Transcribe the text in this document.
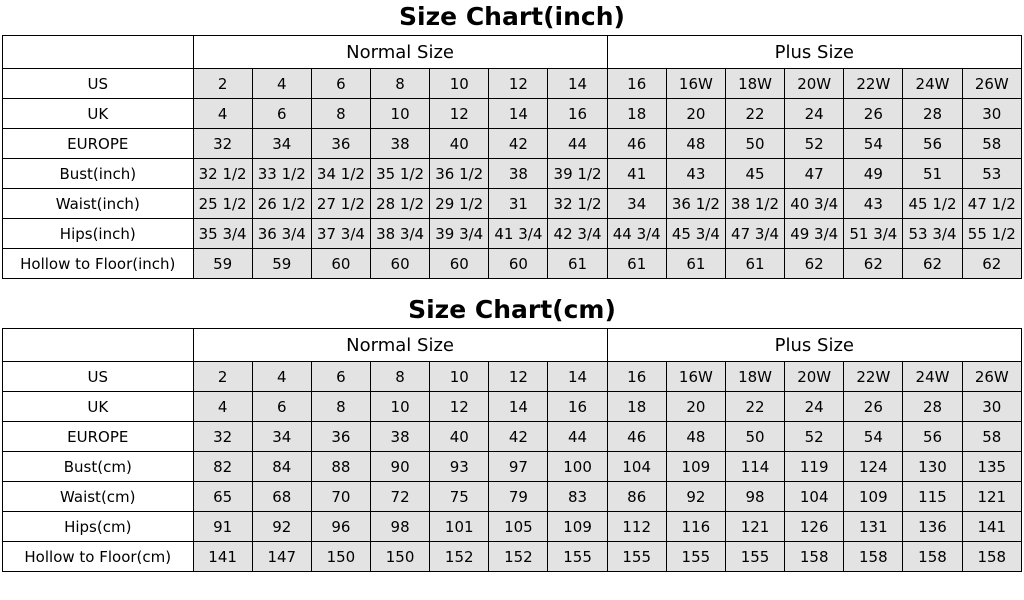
Size Chart(inch)
	Normal Size							Plus Size						
US	2	4	6	8	10	12	14	16	16W	18W	20W	22W	24W	26W
UK	4	6	8	10	12	14	16	18	20	22	24	26	28	30
EUROPE	32	34	36	38	40	42	44	46	48	50	52	54	56	58
Bust(inch)	32 1/2	33 1/2	34 1/2	35 1/2	36 1/2	38	39 1/2	41	43	45	47	49	51	53
Waist(inch)	25 1/2	26 1/2	27 1/2	28 1/2	29 1/2	31	32 1/2	34	36 1/2	38 1/2	40 3/4	43	45 1/2	47 1/2
Hips(inch)	35 3/4	36 3/4	37 3/4	38 3/4	39 3/4	41 3/4	42 3/4	44 3/4	45 3/4	47 3/4	49 3/4	51 3/4	53 3/4	55 1/2
Hollow to Floor(inch)	59	59	60	60	60	60	61	61	61	61	62	62	62	62
Size Chart(cm)
	Normal Size							Plus Size						
US	2	4	6	8	10	12	14	16	16W	18W	20W	22W	24W	26W
UK	4	6	8	10	12	14	16	18	20	22	24	26	28	30
EUROPE	32	34	36	38	40	42	44	46	48	50	52	54	56	58
Bust(cm)	82	84	88	90	93	97	100	104	109	114	119	124	130	135
Waist(cm)	65	68	70	72	75	79	83	86	92	98	104	109	115	121
Hips(cm)	91	92	96	98	101	105	109	112	116	121	126	131	136	141
Hollow to Floor(cm)	141	147	150	150	152	152	155	155	155	155	158	158	158	158
